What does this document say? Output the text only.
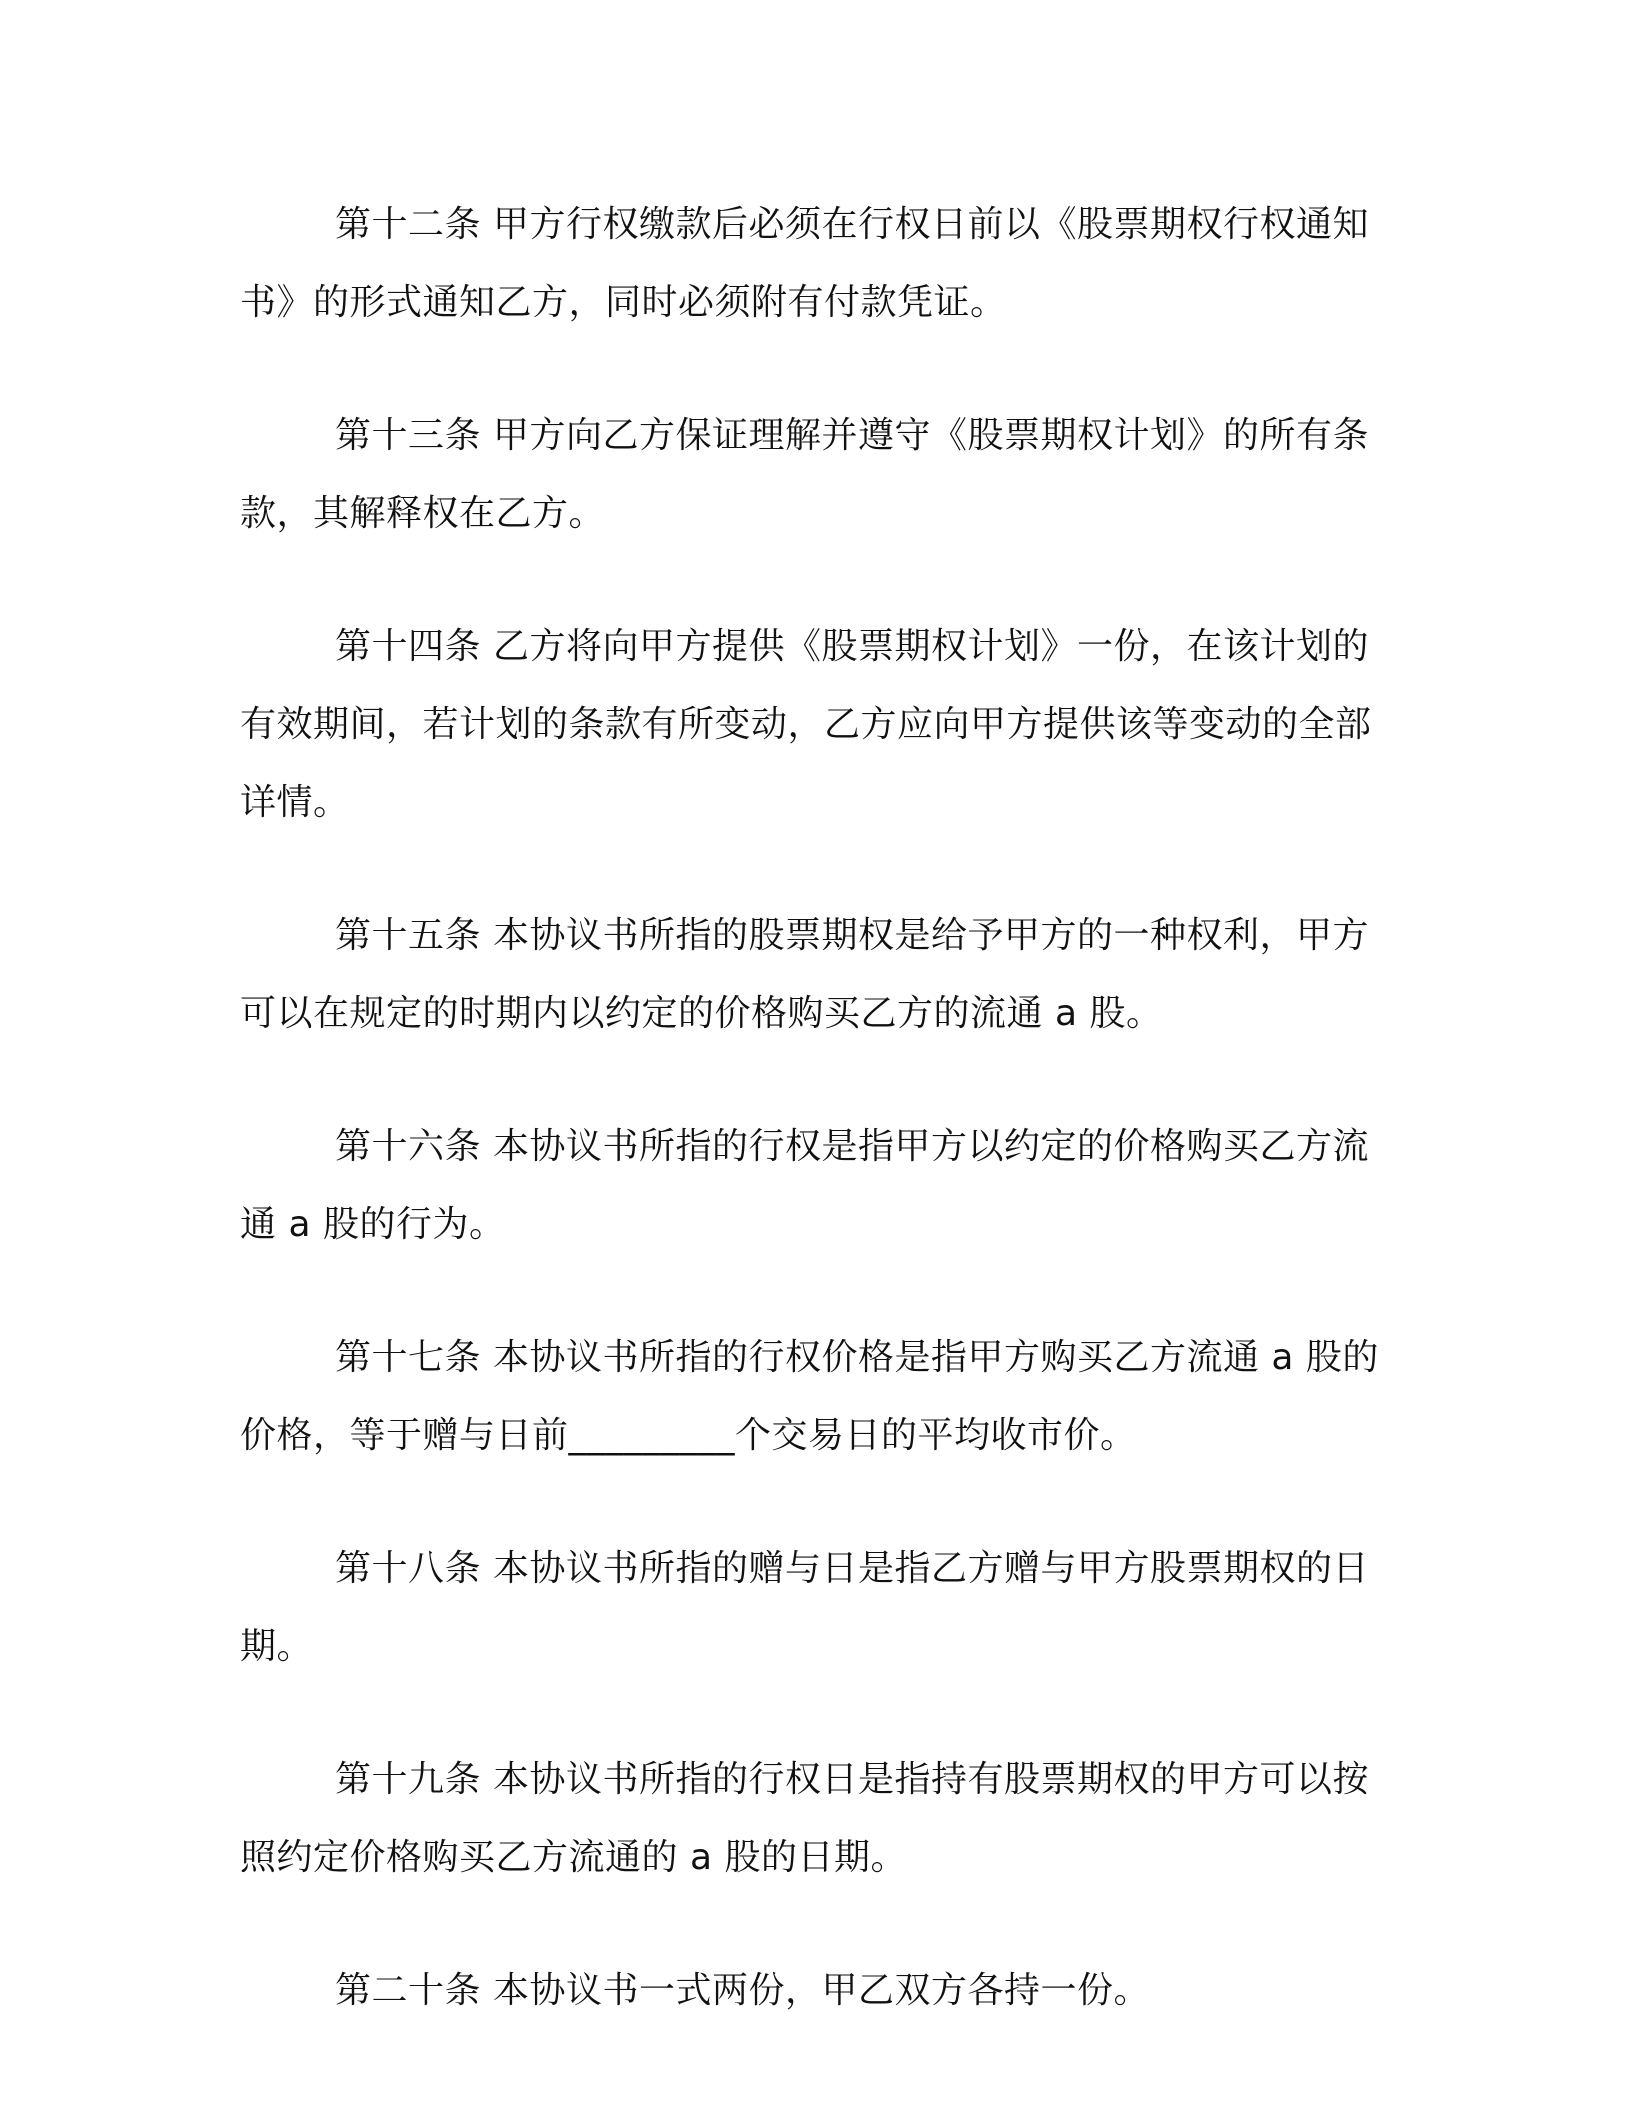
第十二条 甲方行权缴款后必须在行权日前以《股票期权行权通知书》的形式通知乙方，同时必须附有付款凭证。

第十三条 甲方向乙方保证理解并遵守《股票期权计划》的所有条款，其解释权在乙方。

第十四条 乙方将向甲方提供《股票期权计划》一份，在该计划的有效期间，若计划的条款有所变动，乙方应向甲方提供该等变动的全部详情。

第十五条 本协议书所指的股票期权是给予甲方的一种权利，甲方可以在规定的时期内以约定的价格购买乙方的流通 a 股。

第十六条 本协议书所指的行权是指甲方以约定的价格购买乙方流通 a 股的行为。

第十七条 本协议书所指的行权价格是指甲方购买乙方流通 a 股的价格，等于赠与日前_________个交易日的平均收市价。

第十八条 本协议书所指的赠与日是指乙方赠与甲方股票期权的日期。

第十九条 本协议书所指的行权日是指持有股票期权的甲方可以按照约定价格购买乙方流通的 a 股的日期。

第二十条 本协议书一式两份，甲乙双方各持一份。
